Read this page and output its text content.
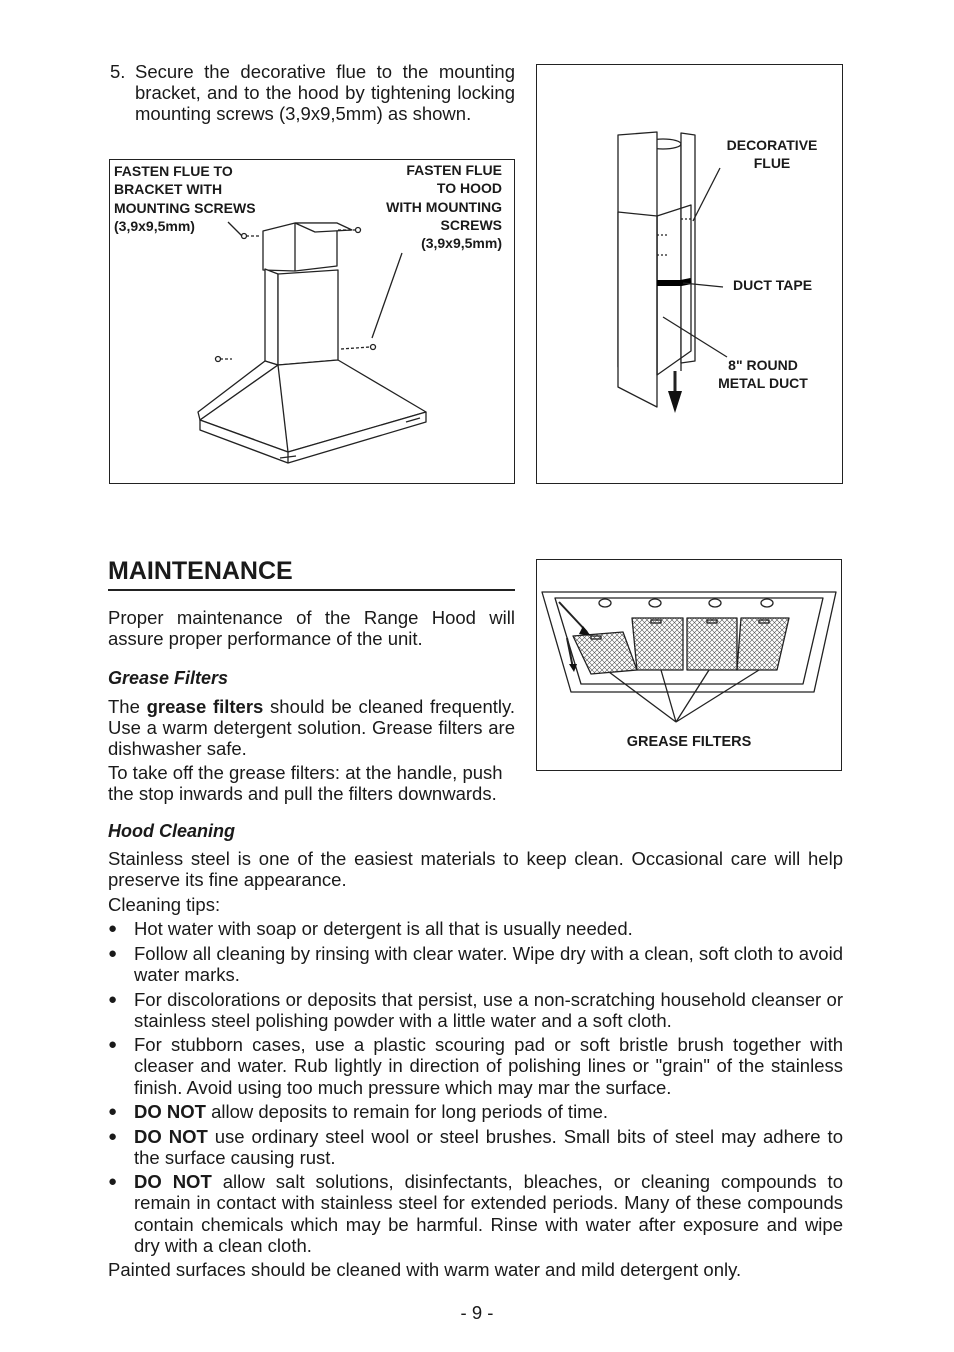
5. Secure the decorative flue to the mounting bracket, and to the hood by tightening locking mounting screws (3,9x9,5mm) as shown.
FASTEN FLUE TO
BRACKET WITH
MOUNTING SCREWS
(3,9x9,5mm)
FASTEN FLUE
TO HOOD
WITH MOUNTING
SCREWS
(3,9x9,5mm)
DECORATIVE
FLUE
DUCT TAPE
8" ROUND
METAL DUCT
MAINTENANCE
Proper maintenance of the Range Hood will assure proper performance of the unit.
Grease Filters
The grease filters should be cleaned frequently. Use a warm detergent solution. Grease filters are dishwasher safe.
To take off the grease filters: at the handle, push the stop inwards and pull the filters downwards.
GREASE FILTERS
Hood Cleaning
Stainless steel is one of the easiest materials to keep clean. Occasional care will help preserve its fine appearance.
Cleaning tips:
● Hot water with soap or detergent is all that is usually needed.
● Follow all cleaning by rinsing with clear water. Wipe dry with a clean, soft cloth to avoid water marks.
● For discolorations or deposits that persist, use a non-scratching household cleanser or stainless steel polishing powder with a little water and a soft cloth.
● For stubborn cases, use a plastic scouring pad or soft bristle brush together with cleaser and water. Rub lightly in direction of polishing lines or "grain" of the stainless finish. Avoid using too much pressure which may mar the surface.
● DO NOT allow deposits to remain for long periods of time.
● DO NOT use ordinary steel wool or steel brushes. Small bits of steel may adhere to the surface causing rust.
● DO NOT allow salt solutions, disinfectants, bleaches, or cleaning compounds to remain in contact with stainless steel for extended periods. Many of these compounds contain chemicals which may be harmful. Rinse with water after exposure and wipe dry with a clean cloth.
Painted surfaces should be cleaned with warm water and mild detergent only.
- 9 -
